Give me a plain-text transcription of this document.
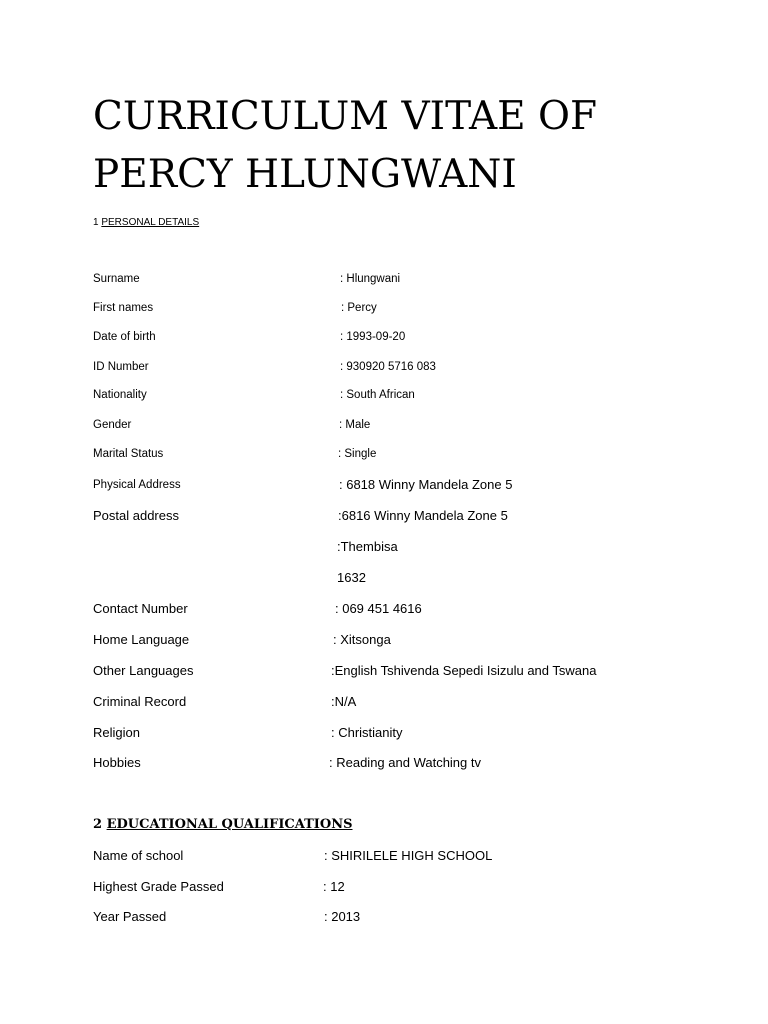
CURRICULUM VITAE OF
PERCY HLUNGWANI
1 PERSONAL DETAILS
Surname	: Hlungwani
First names	: Percy
Date of birth	: 1993-09-20
ID Number	: 930920 5716 083
Nationality	: South African
Gender	: Male
Marital Status	: Single
Physical Address	: 6818 Winny Mandela Zone 5
Postal address	:6816 Winny Mandela Zone 5
:Thembisa
1632
Contact Number	: 069 451 4616
Home Language	: Xitsonga
Other Languages	:English Tshivenda Sepedi Isizulu and Tswana
Criminal Record	:N/A
Religion	: Christianity
Hobbies	: Reading and Watching tv
2 EDUCATIONAL QUALIFICATIONS
Name of school	: SHIRILELE HIGH SCHOOL
Highest Grade Passed	: 12
Year Passed	: 2013
